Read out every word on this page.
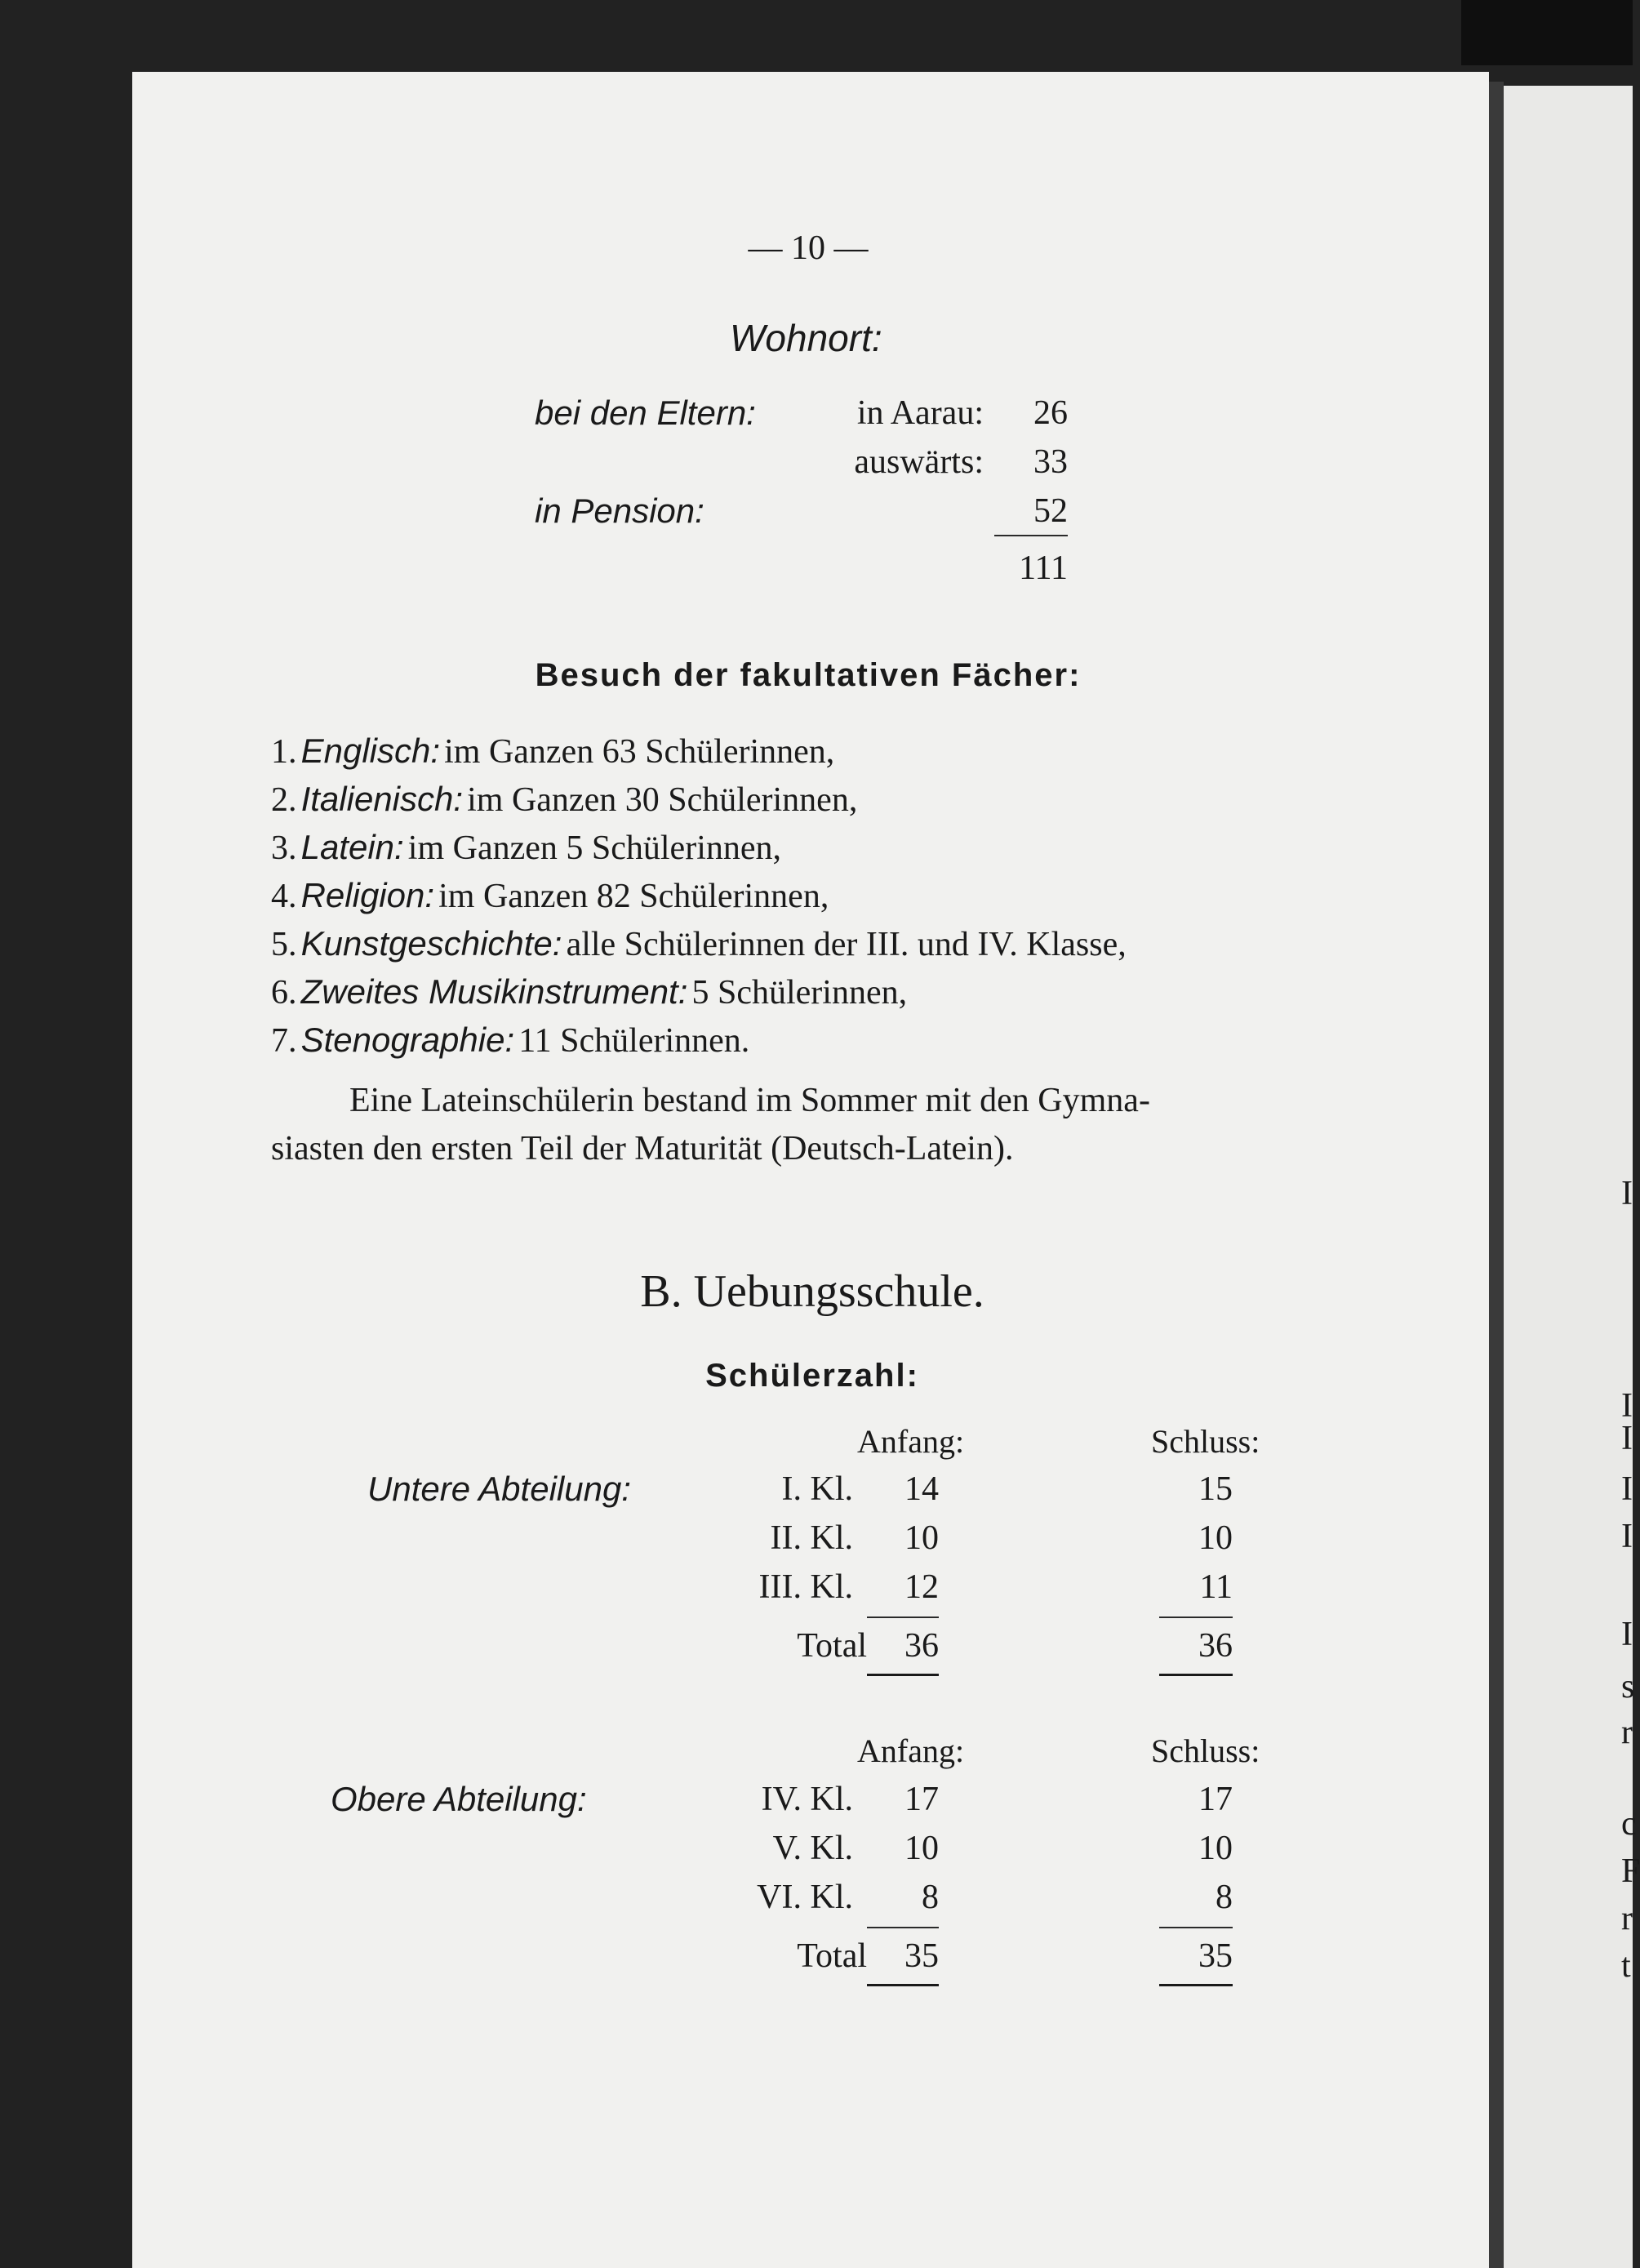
I
I
I
I
I
I
s
r
c
F
r
t
— 10 —
Wohnort:
bei den Eltern:	in Aarau:	26
auswärts:	33
in Pension:	52
111
Besuch der fakultativen Fächer:
1. Englisch: im Ganzen 63 Schülerinnen,
2. Italienisch: im Ganzen 30 Schülerinnen,
3. Latein: im Ganzen 5 Schülerinnen,
4. Religion: im Ganzen 82 Schülerinnen,
5. Kunstgeschichte: alle Schülerinnen der III. und IV. Klasse,
6. Zweites Musikinstrument: 5 Schülerinnen,
7. Stenographie: 11 Schülerinnen.
Eine Lateinschülerin bestand im Sommer mit den Gymna-
siasten den ersten Teil der Maturität (Deutsch-Latein).
B. Uebungsschule.
Schülerzahl:
Anfang:	Schluss:
Untere Abteilung:	I. Kl.	14	15
II. Kl.	10	10
III. Kl.	12	11
Total	36	36
Anfang:	Schluss:
Obere Abteilung:	IV. Kl.	17	17
V. Kl.	10	10
VI. Kl.	8	8
Total	35	35
